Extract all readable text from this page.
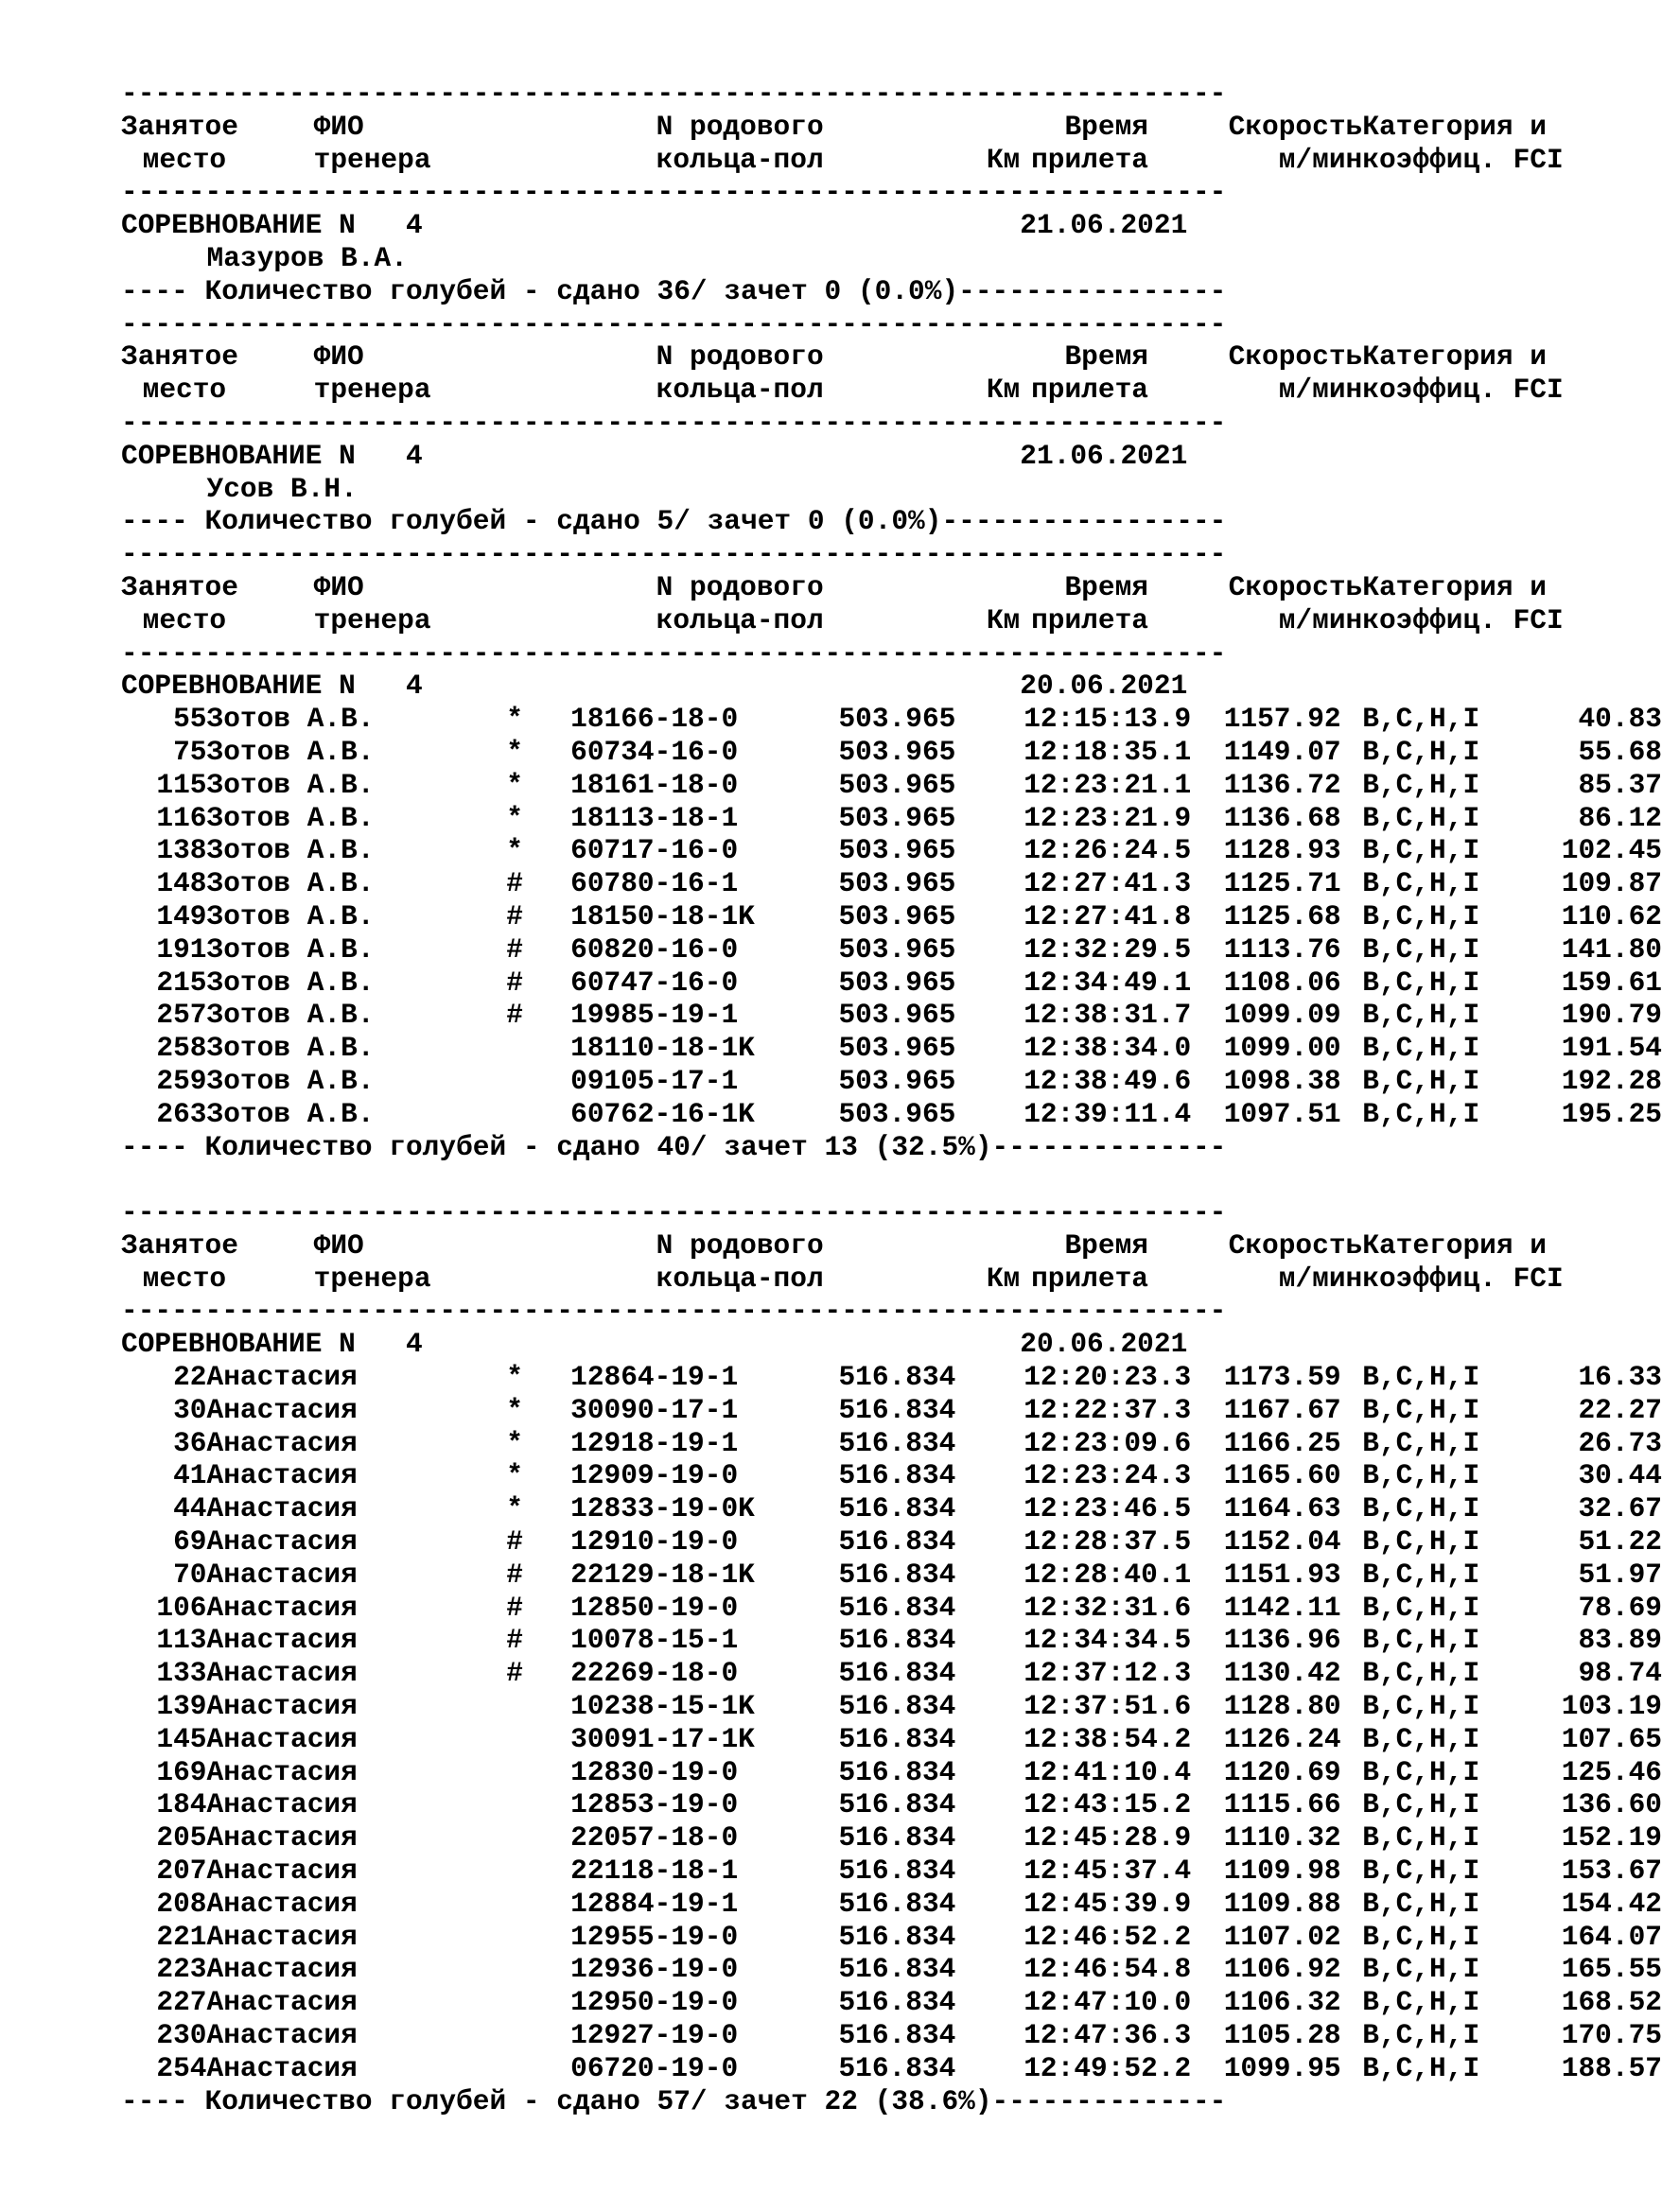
------------------------------------------------------------------
Занятое	ФИО	N родового	Время	Скорость Категория и
место	тренера	кольца-пол	Км прилета	м/мин коэффиц. FCI
------------------------------------------------------------------
СОРЕВНОВАНИЕ N   4	21.06.2021
Мазуров В.А.
---- Количество голубей - сдано 36/ зачет 0 (0.0%)----------------
------------------------------------------------------------------
Занятое	ФИО	N родового	Время	Скорость Категория и
место	тренера	кольца-пол	Км прилета	м/мин коэффиц. FCI
------------------------------------------------------------------
СОРЕВНОВАНИЕ N   4	21.06.2021
Усов В.Н.
---- Количество голубей - сдано 5/ зачет 0 (0.0%)-----------------
------------------------------------------------------------------
Занятое	ФИО	N родового	Время	Скорость Категория и
место	тренера	кольца-пол	Км прилета	м/мин коэффиц. FCI
------------------------------------------------------------------
СОРЕВНОВАНИЕ N   4	20.06.2021
55 Зотов А.В.	* 18166-18-0	503.965	12:15:13.9	1157.92 B,C,H,I	40.83
75 Зотов А.В.	* 60734-16-0	503.965	12:18:35.1	1149.07 B,C,H,I	55.68
115 Зотов А.В.	* 18161-18-0	503.965	12:23:21.1	1136.72 B,C,H,I	85.37
116 Зотов А.В.	* 18113-18-1	503.965	12:23:21.9	1136.68 B,C,H,I	86.12
138 Зотов А.В.	* 60717-16-0	503.965	12:26:24.5	1128.93 B,C,H,I	102.45
148 Зотов А.В.	# 60780-16-1	503.965	12:27:41.3	1125.71 B,C,H,I	109.87
149 Зотов А.В.	# 18150-18-1K	503.965	12:27:41.8	1125.68 B,C,H,I	110.62
191 Зотов А.В.	# 60820-16-0	503.965	12:32:29.5	1113.76 B,C,H,I	141.80
215 Зотов А.В.	# 60747-16-0	503.965	12:34:49.1	1108.06 B,C,H,I	159.61
257 Зотов А.В.	# 19985-19-1	503.965	12:38:31.7	1099.09 B,C,H,I	190.79
258 Зотов А.В.	18110-18-1K	503.965	12:38:34.0	1099.00 B,C,H,I	191.54
259 Зотов А.В.	09105-17-1	503.965	12:38:49.6	1098.38 B,C,H,I	192.28
263 Зотов А.В.	60762-16-1K	503.965	12:39:11.4	1097.51 B,C,H,I	195.25
---- Количество голубей - сдано 40/ зачет 13 (32.5%)--------------
------------------------------------------------------------------
Занятое	ФИО	N родового	Время	Скорость Категория и
место	тренера	кольца-пол	Км прилета	м/мин коэффиц. FCI
------------------------------------------------------------------
СОРЕВНОВАНИЕ N   4	20.06.2021
22 Анастасия	* 12864-19-1	516.834	12:20:23.3	1173.59 B,C,H,I	16.33
30 Анастасия	* 30090-17-1	516.834	12:22:37.3	1167.67 B,C,H,I	22.27
36 Анастасия	* 12918-19-1	516.834	12:23:09.6	1166.25 B,C,H,I	26.73
41 Анастасия	* 12909-19-0	516.834	12:23:24.3	1165.60 B,C,H,I	30.44
44 Анастасия	* 12833-19-0K	516.834	12:23:46.5	1164.63 B,C,H,I	32.67
69 Анастасия	# 12910-19-0	516.834	12:28:37.5	1152.04 B,C,H,I	51.22
70 Анастасия	# 22129-18-1K	516.834	12:28:40.1	1151.93 B,C,H,I	51.97
106 Анастасия	# 12850-19-0	516.834	12:32:31.6	1142.11 B,C,H,I	78.69
113 Анастасия	# 10078-15-1	516.834	12:34:34.5	1136.96 B,C,H,I	83.89
133 Анастасия	# 22269-18-0	516.834	12:37:12.3	1130.42 B,C,H,I	98.74
139 Анастасия	10238-15-1K	516.834	12:37:51.6	1128.80 B,C,H,I	103.19
145 Анастасия	30091-17-1K	516.834	12:38:54.2	1126.24 B,C,H,I	107.65
169 Анастасия	12830-19-0	516.834	12:41:10.4	1120.69 B,C,H,I	125.46
184 Анастасия	12853-19-0	516.834	12:43:15.2	1115.66 B,C,H,I	136.60
205 Анастасия	22057-18-0	516.834	12:45:28.9	1110.32 B,C,H,I	152.19
207 Анастасия	22118-18-1	516.834	12:45:37.4	1109.98 B,C,H,I	153.67
208 Анастасия	12884-19-1	516.834	12:45:39.9	1109.88 B,C,H,I	154.42
221 Анастасия	12955-19-0	516.834	12:46:52.2	1107.02 B,C,H,I	164.07
223 Анастасия	12936-19-0	516.834	12:46:54.8	1106.92 B,C,H,I	165.55
227 Анастасия	12950-19-0	516.834	12:47:10.0	1106.32 B,C,H,I	168.52
230 Анастасия	12927-19-0	516.834	12:47:36.3	1105.28 B,C,H,I	170.75
254 Анастасия	06720-19-0	516.834	12:49:52.2	1099.95 B,C,H,I	188.57
---- Количество голубей - сдано 57/ зачет 22 (38.6%)--------------
